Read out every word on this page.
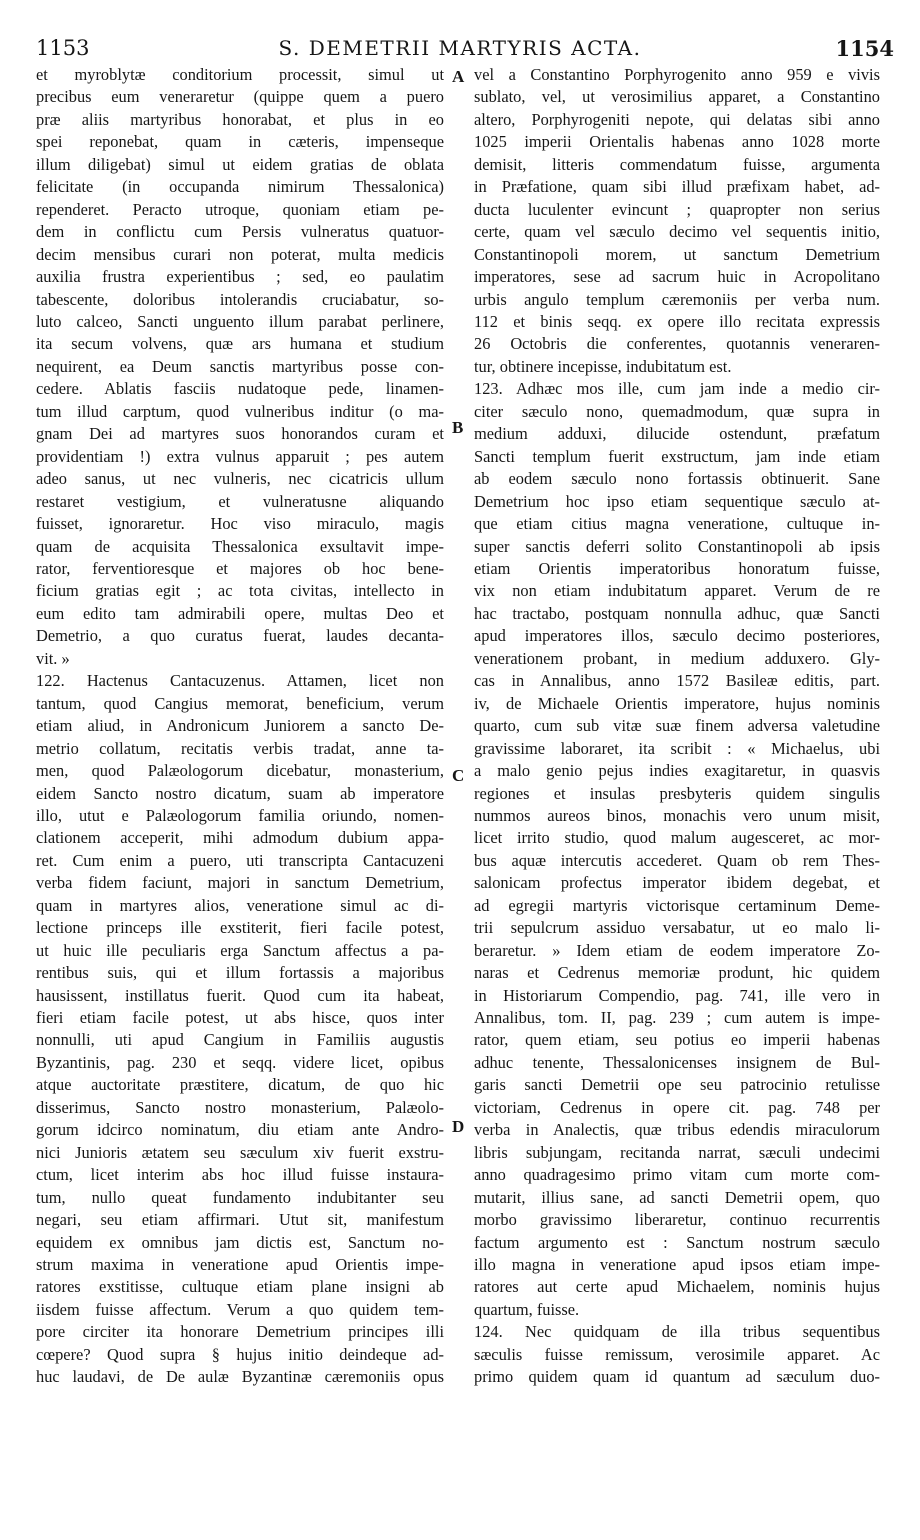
1153	S. DEMETRII MARTYRIS ACTA.	1154
et myroblytæ conditorium processit, simul ut
precibus eum veneraretur (quippe quem a puero
præ aliis martyribus honorabat, et plus in eo
spei reponebat, quam in cæteris, impenseque
illum diligebat) simul ut eidem gratias de oblata
felicitate (in occupanda nimirum Thessalonica)
rependeret. Peracto utroque, quoniam etiam pe-
dem in conflictu cum Persis vulneratus quatuor-
decim mensibus curari non poterat, multa medicis
auxilia frustra experientibus ; sed, eo paulatim
tabescente, doloribus intolerandis cruciabatur, so-
luto calceo, Sancti unguento illum parabat perlinere,
ita secum volvens, quæ ars humana et studium
nequirent, ea Deum sanctis martyribus posse con-
cedere. Ablatis fasciis nudatoque pede, linamen-
tum illud carptum, quod vulneribus inditur (o ma-
gnam Dei ad martyres suos honorandos curam et
providentiam !) extra vulnus apparuit ; pes autem
adeo sanus, ut nec vulneris, nec cicatricis ullum
restaret vestigium, et vulneratusne aliquando
fuisset, ignoraretur. Hoc viso miraculo, magis
quam de acquisita Thessalonica exsultavit impe-
rator, ferventioresque et majores ob hoc bene-
ficium gratias egit ; ac tota civitas, intellecto in
eum edito tam admirabili opere, multas Deo et
Demetrio, a quo curatus fuerat, laudes decanta-
vit. »
122. Hactenus Cantacuzenus. Attamen, licet non
tantum, quod Cangius memorat, beneficium, verum
etiam aliud, in Andronicum Juniorem a sancto De-
metrio collatum, recitatis verbis tradat, anne ta-
men, quod Palæologorum dicebatur, monasterium,
eidem Sancto nostro dicatum, suam ab imperatore
illo, utut e Palæologorum familia oriundo, nomen-
clationem acceperit, mihi admodum dubium appa-
ret. Cum enim a puero, uti transcripta Cantacuzeni
verba fidem faciunt, majori in sanctum Demetrium,
quam in martyres alios, veneratione simul ac di-
lectione princeps ille exstiterit, fieri facile potest,
ut huic ille peculiaris erga Sanctum affectus a pa-
rentibus suis, qui et illum fortassis a majoribus
hausissent, instillatus fuerit. Quod cum ita habeat,
fieri etiam facile potest, ut abs hisce, quos inter
nonnulli, uti apud Cangium in Familiis augustis
Byzantinis, pag. 230 et seqq. videre licet, opibus
atque auctoritate præstitere, dicatum, de quo hic
disserimus, Sancto nostro monasterium, Palæolo-
gorum idcirco nominatum, diu etiam ante Andro-
nici Junioris ætatem seu sæculum xiv fuerit exstru-
ctum, licet interim abs hoc illud fuisse instaura-
tum, nullo queat fundamento indubitanter seu
negari, seu etiam affirmari. Utut sit, manifestum
equidem ex omnibus jam dictis est, Sanctum no-
strum maxima in veneratione apud Orientis impe-
ratores exstitisse, cultuque etiam plane insigni ab
iisdem fuisse affectum. Verum a quo quidem tem-
pore circiter ita honorare Demetrium principes illi
cœpere? Quod supra § hujus initio deindeque ad-
huc laudavi, de De aulæ Byzantinæ cæremoniis opus
vel a Constantino Porphyrogenito anno 959 e vivis
sublato, vel, ut verosimilius apparet, a Constantino
altero, Porphyrogeniti nepote, qui delatas sibi anno
1025 imperii Orientalis habenas anno 1028 morte
demisit, litteris commendatum fuisse, argumenta
in Præfatione, quam sibi illud præfixam habet, ad-
ducta luculenter evincunt ; quapropter non serius
certe, quam vel sæculo decimo vel sequentis initio,
Constantinopoli morem, ut sanctum Demetrium
imperatores, sese ad sacrum huic in Acropolitano
urbis angulo templum cæremoniis per verba num.
112 et binis seqq. ex opere illo recitata expressis
26 Octobris die conferentes, quotannis veneraren-
tur, obtinere incepisse, indubitatum est.
123. Adhæc mos ille, cum jam inde a medio cir-
citer sæculo nono, quemadmodum, quæ supra in
medium adduxi, dilucide ostendunt, præfatum
Sancti templum fuerit exstructum, jam inde etiam
ab eodem sæculo nono fortassis obtinuerit. Sane
Demetrium hoc ipso etiam sequentique sæculo at-
que etiam citius magna veneratione, cultuque in-
super sanctis deferri solito Constantinopoli ab ipsis
etiam Orientis imperatoribus honoratum fuisse,
vix non etiam indubitatum apparet. Verum de re
hac tractabo, postquam nonnulla adhuc, quæ Sancti
apud imperatores illos, sæculo decimo posteriores,
venerationem probant, in medium adduxero. Gly-
cas in Annalibus, anno 1572 Basileæ editis, part.
iv, de Michaele Orientis imperatore, hujus nominis
quarto, cum sub vitæ suæ finem adversa valetudine
gravissime laboraret, ita scribit : « Michaelus, ubi
a malo genio pejus indies exagitaretur, in quasvis
regiones et insulas presbyteris quidem singulis
nummos aureos binos, monachis vero unum misit,
licet irrito studio, quod malum augesceret, ac mor-
bus aquæ intercutis accederet. Quam ob rem Thes-
salonicam profectus imperator ibidem degebat, et
ad egregii martyris victorisque certaminum Deme-
trii sepulcrum assiduo versabatur, ut eo malo li-
beraretur. » Idem etiam de eodem imperatore Zo-
naras et Cedrenus memoriæ produnt, hic quidem
in Historiarum Compendio, pag. 741, ille vero in
Annalibus, tom. II, pag. 239 ; cum autem is impe-
rator, quem etiam, seu potius eo imperii habenas
adhuc tenente, Thessalonicenses insignem de Bul-
garis sancti Demetrii ope seu patrocinio retulisse
victoriam, Cedrenus in opere cit. pag. 748 per
verba in Analectis, quæ tribus edendis miraculorum
libris subjungam, recitanda narrat, sæculi undecimi
anno quadragesimo primo vitam cum morte com-
mutarit, illius sane, ad sancti Demetrii opem, quo
morbo gravissimo liberaretur, continuo recurrentis
factum argumento est : Sanctum nostrum sæculo
illo magna in veneratione apud ipsos etiam impe-
ratores aut certe apud Michaelem, nominis hujus
quartum, fuisse.
124. Nec quidquam de illa tribus sequentibus
sæculis fuisse remissum, verosimile apparet. Ac
primo quidem quam id quantum ad sæculum duo-
A
B
C
D
